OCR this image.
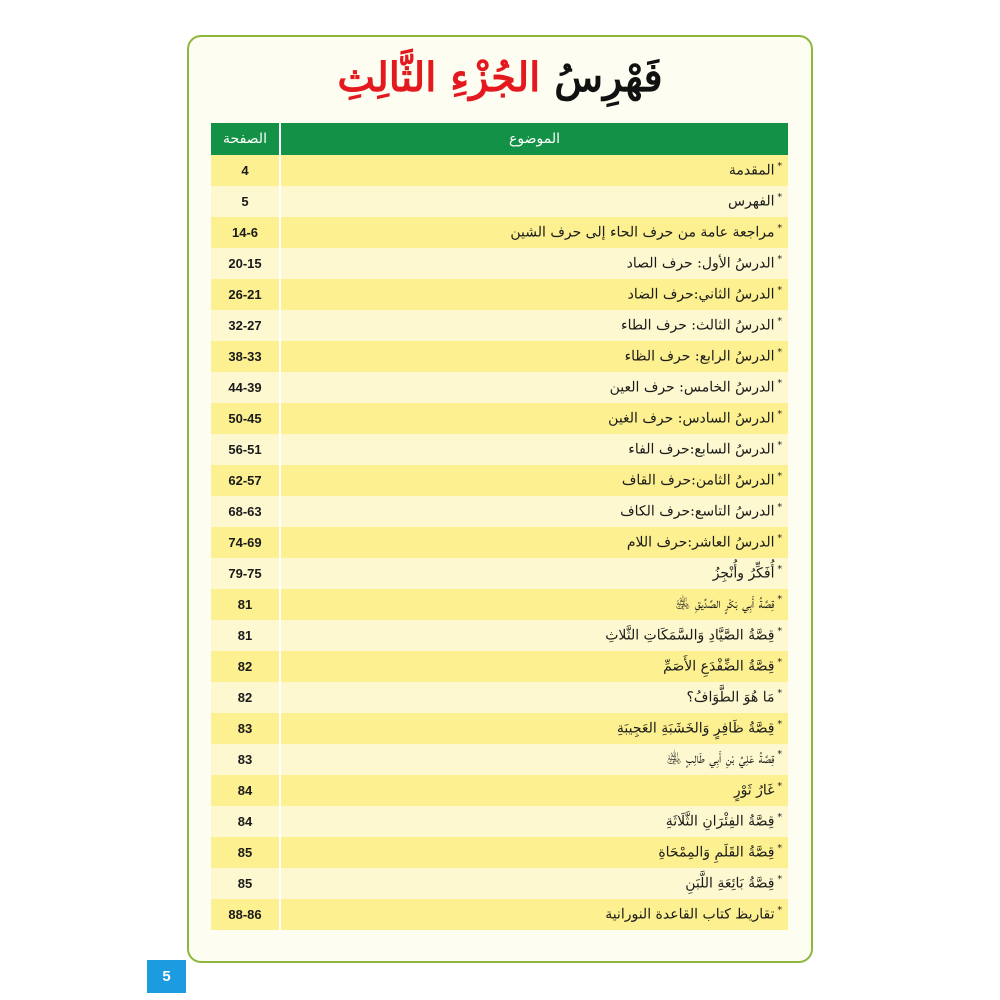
فَهْرِسُ الجُزْءِ الثَّالِثِ
الموضوع	الصفحة
*المقدمة	4
*الفهرس	5
*مراجعة عامة من حرف الحاء إلى حرف الشين	14-6
*الدرسُ الأول: حرف الصاد	20-15
*الدرسُ الثاني:حرف الضاد	26-21
*الدرسُ الثالث: حرف الطاء	32-27
*الدرسُ الرابع: حرف الظاء	38-33
*الدرسُ الخامس: حرف العين	44-39
*الدرسُ السادس: حرف الغين	50-45
*الدرسُ السابع:حرف الفاء	56-51
*الدرسُ الثامن:حرف القاف	62-57
*الدرسُ التاسع:حرف الكاف	68-63
*الدرسُ العاشر:حرف اللام	74-69
*أُفَكِّرُ وأُنْجِزُ	79-75
*قِصَّةُ أَبِي بَكْرٍ الصِّدِّيقِ ﵁	81
*قِصَّةُ الصَّيَّادِ وَالسَّمَكَاتِ الثَّلاثِ	81
*قِصَّةُ الضِّفْدَعِ الأَصَمِّ	82
*مَا هُوَ الطَّوَافُ؟	82
*قِصَّةُ ظَافِرٍ وَالخَشَبَةِ العَجِيبَةِ	83
*قِصَّةُ عَلِيِّ بْنِ أَبِي طَالِبٍ ﵁	83
*غَارُ ثَوْرٍ	84
*قِصَّةُ الفِئْرَانِ الثَّلَاثَةِ	84
*قِصَّةُ القَلَمِ وَالمِمْحَاةِ	85
*قِصَّةُ بَائِعَةِ اللَّبَنِ	85
*تقاريظ كتاب القاعدة النورانية	88-86
5
